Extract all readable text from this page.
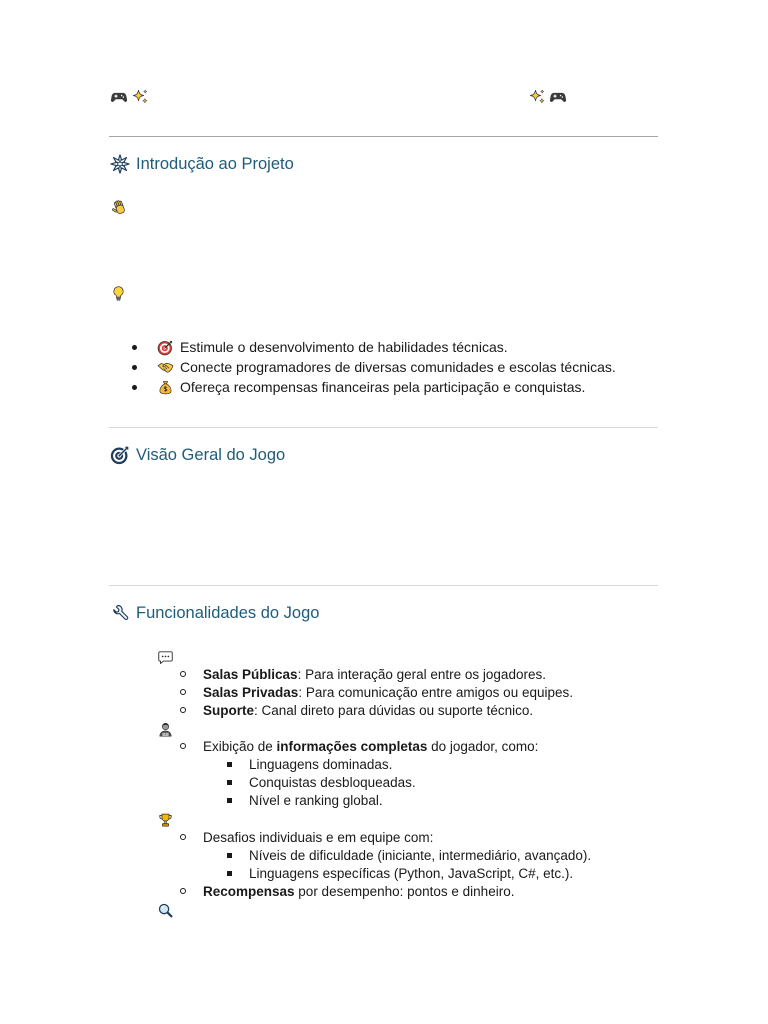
Introdução ao Projeto
Estimule o desenvolvimento de habilidades técnicas.
Conecte programadores de diversas comunidades e escolas técnicas.
Ofereça recompensas financeiras pela participação e conquistas.
Visão Geral do Jogo
Funcionalidades do Jogo
Salas Públicas: Para interação geral entre os jogadores.
Salas Privadas: Para comunicação entre amigos ou equipes.
Suporte: Canal direto para dúvidas ou suporte técnico.
Exibição de informações completas do jogador, como:
Linguagens dominadas.
Conquistas desbloqueadas.
Nível e ranking global.
Desafios individuais e em equipe com:
Níveis de dificuldade (iniciante, intermediário, avançado).
Linguagens específicas (Python, JavaScript, C#, etc.).
Recompensas por desempenho: pontos e dinheiro.
